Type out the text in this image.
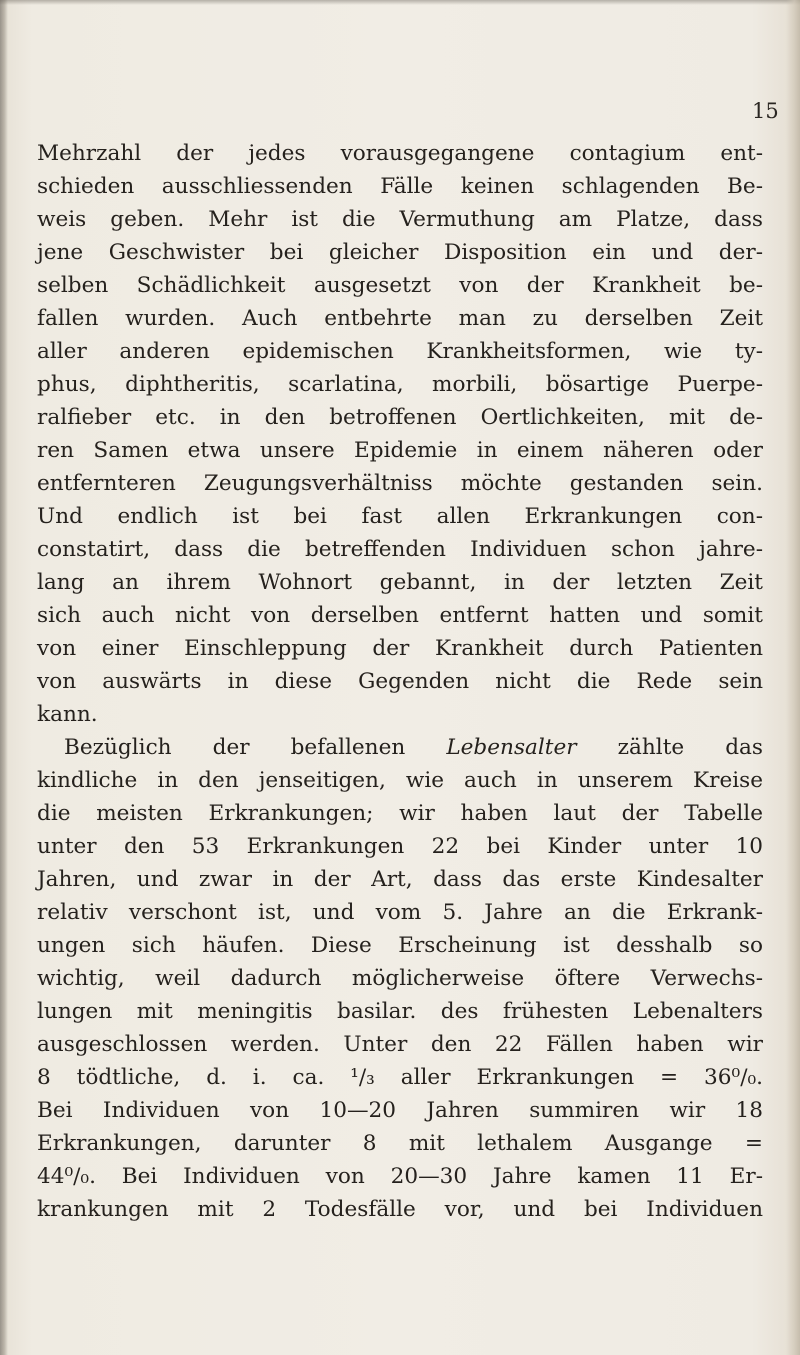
15

Mehrzahl der jedes vorausgegangene contagium ent-
schieden ausschliessenden Fälle keinen schlagenden Be-
weis geben. Mehr ist die Vermuthung am Platze, dass
jene Geschwister bei gleicher Disposition ein und der-
selben Schädlichkeit ausgesetzt von der Krankheit be-
fallen wurden. Auch entbehrte man zu derselben Zeit
aller anderen epidemischen Krankheitsformen, wie ty-
phus, diphtheritis, scarlatina, morbili, bösartige Puerpe-
ralfieber etc. in den betroffenen Oertlichkeiten, mit de-
ren Samen etwa unsere Epidemie in einem näheren oder
entfernteren Zeugungsverhältniss möchte gestanden sein.
Und endlich ist bei fast allen Erkrankungen con-
constatirt, dass die betreffenden Individuen schon jahre-
lang an ihrem Wohnort gebannt, in der letzten Zeit
sich auch nicht von derselben entfernt hatten und somit
von einer Einschleppung der Krankheit durch Patienten
von auswärts in diese Gegenden nicht die Rede sein
kann.
Bezüglich der befallenen Lebensalter zählte das
kindliche in den jenseitigen, wie auch in unserem Kreise
die meisten Erkrankungen; wir haben laut der Tabelle
unter den 53 Erkrankungen 22 bei Kinder unter 10
Jahren, und zwar in der Art, dass das erste Kindesalter
relativ verschont ist, und vom 5. Jahre an die Erkrank-
ungen sich häufen. Diese Erscheinung ist desshalb so
wichtig, weil dadurch möglicherweise öftere Verwechs-
lungen mit meningitis basilar. des frühesten Lebenalters
ausgeschlossen werden. Unter den 22 Fällen haben wir
8 tödtliche, d. i. ca. ¹/₃ aller Erkrankungen = 36⁰/₀.
Bei Individuen von 10—20 Jahren summiren wir 18
Erkrankungen, darunter 8 mit lethalem Ausgange =
44⁰/₀. Bei Individuen von 20—30 Jahre kamen 11 Er-
krankungen mit 2 Todesfälle vor, und bei Individuen
